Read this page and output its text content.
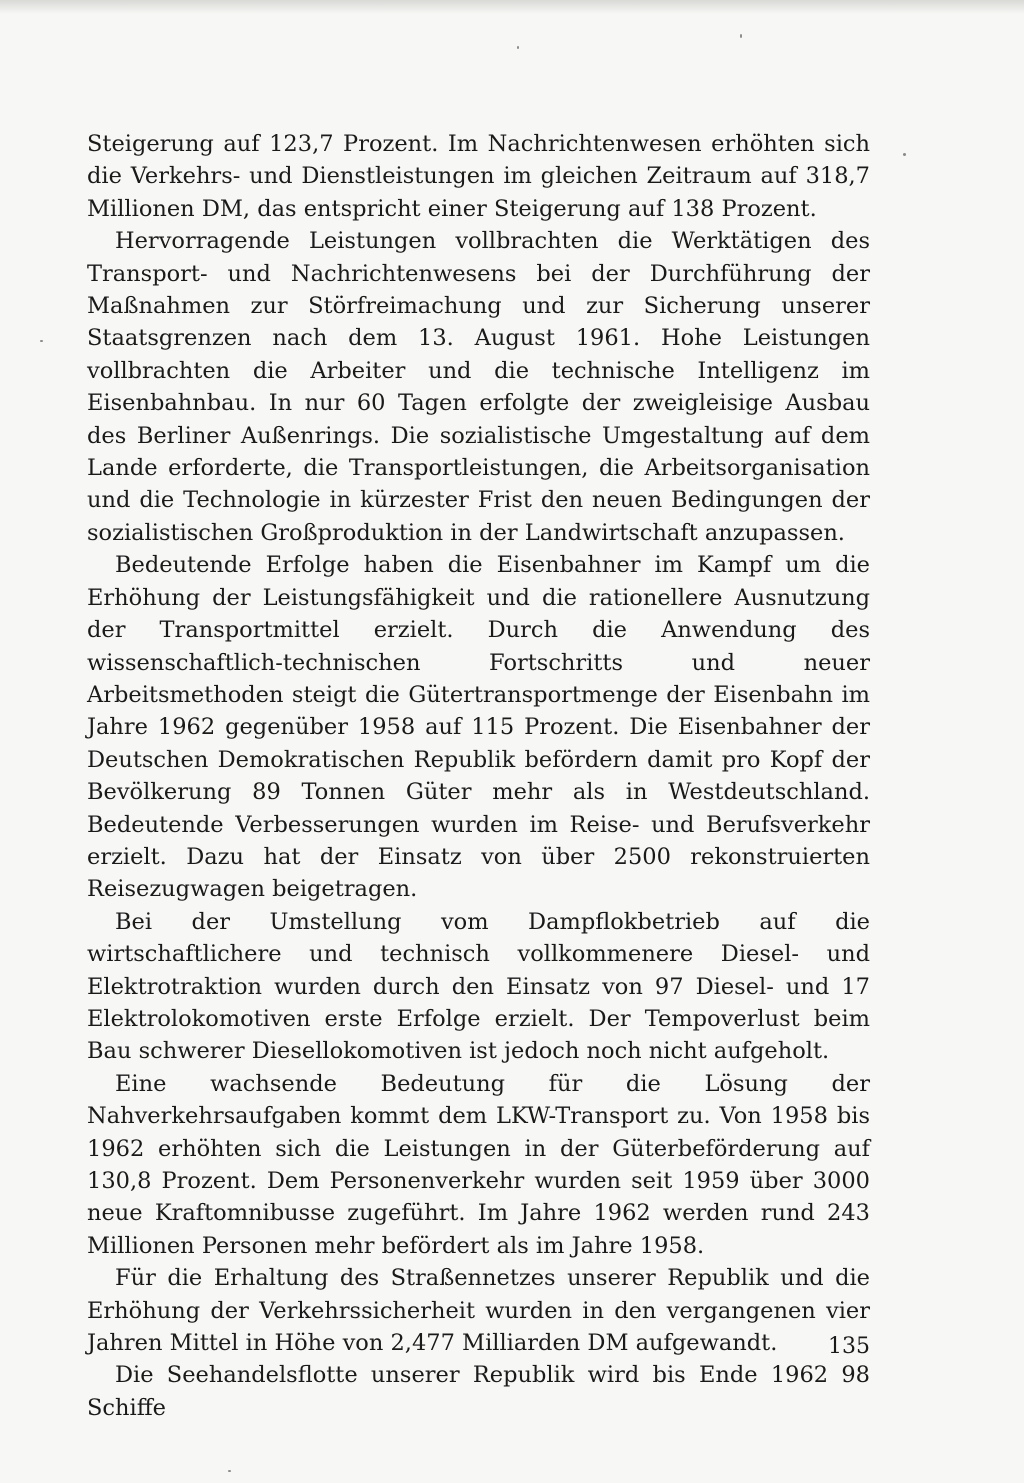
Steigerung auf 123,7 Prozent. Im Nachrichtenwesen erhöhten sich die Verkehrs- und Dienstleistungen im gleichen Zeitraum auf 318,7 Millionen DM, das entspricht einer Steigerung auf 138 Prozent.

Hervorragende Leistungen vollbrachten die Werktätigen des Transport- und Nachrichtenwesens bei der Durchführung der Maßnahmen zur Störfreimachung und zur Sicherung unserer Staatsgrenzen nach dem 13. August 1961. Hohe Leistungen vollbrachten die Arbeiter und die technische Intelligenz im Eisenbahnbau. In nur 60 Tagen erfolgte der zweigleisige Ausbau des Berliner Außenrings. Die sozialistische Umgestaltung auf dem Lande erforderte, die Transportleistungen, die Arbeitsorganisation und die Technologie in kürzester Frist den neuen Bedingungen der sozialistischen Großproduktion in der Landwirtschaft anzupassen.

Bedeutende Erfolge haben die Eisenbahner im Kampf um die Erhöhung der Leistungsfähigkeit und die rationellere Ausnutzung der Transportmittel erzielt. Durch die Anwendung des wissenschaftlich-technischen Fortschritts und neuer Arbeitsmethoden steigt die Gütertransportmenge der Eisenbahn im Jahre 1962 gegenüber 1958 auf 115 Prozent. Die Eisenbahner der Deutschen Demokratischen Republik befördern damit pro Kopf der Bevölkerung 89 Tonnen Güter mehr als in Westdeutschland. Bedeutende Verbesserungen wurden im Reise- und Berufsverkehr erzielt. Dazu hat der Einsatz von über 2500 rekonstruierten Reisezugwagen beigetragen.

Bei der Umstellung vom Dampflokbetrieb auf die wirtschaftlichere und technisch vollkommenere Diesel- und Elektrotraktion wurden durch den Einsatz von 97 Diesel- und 17 Elektrolokomotiven erste Erfolge erzielt. Der Tempoverlust beim Bau schwerer Diesellokomotiven ist jedoch noch nicht aufgeholt.

Eine wachsende Bedeutung für die Lösung der Nahverkehrsaufgaben kommt dem LKW-Transport zu. Von 1958 bis 1962 erhöhten sich die Leistungen in der Güterbeförderung auf 130,8 Prozent. Dem Personenverkehr wurden seit 1959 über 3000 neue Kraftomnibusse zugeführt. Im Jahre 1962 werden rund 243 Millionen Personen mehr befördert als im Jahre 1958.

Für die Erhaltung des Straßennetzes unserer Republik und die Erhöhung der Verkehrssicherheit wurden in den vergangenen vier Jahren Mittel in Höhe von 2,477 Milliarden DM aufgewandt.

Die Seehandelsflotte unserer Republik wird bis Ende 1962 98 Schiffe

135
